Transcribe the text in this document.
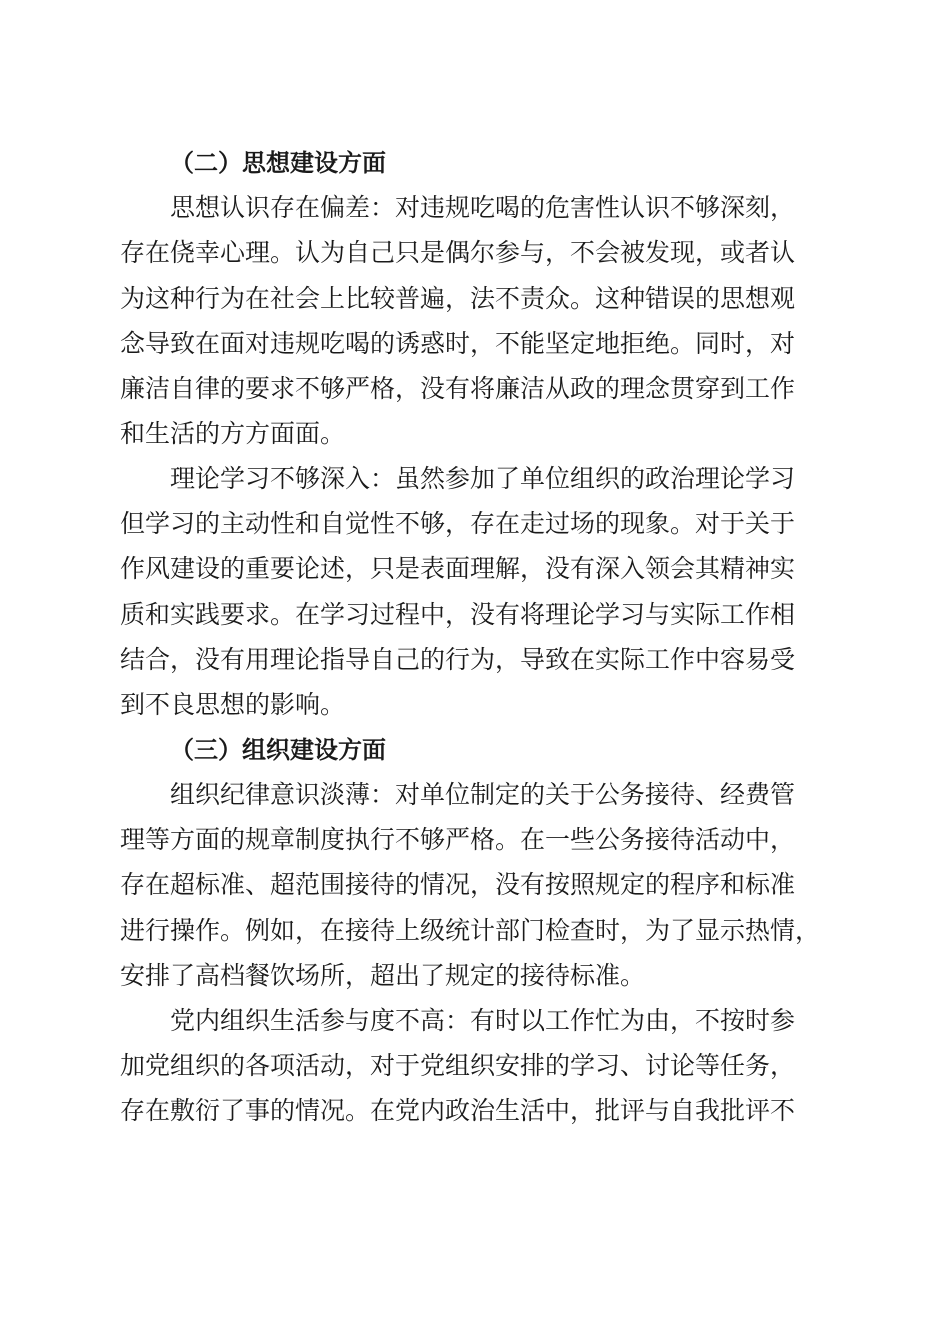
（二）思想建设方面

思想认识存在偏差：对违规吃喝的危害性认识不够深刻，

存在侥幸心理。认为自己只是偶尔参与，不会被发现，或者认

为这种行为在社会上比较普遍，法不责众。这种错误的思想观

念导致在面对违规吃喝的诱惑时，不能坚定地拒绝。同时，对

廉洁自律的要求不够严格，没有将廉洁从政的理念贯穿到工作

和生活的方方面面。

理论学习不够深入：虽然参加了单位组织的政治理论学习

但学习的主动性和自觉性不够，存在走过场的现象。对于关于

作风建设的重要论述，只是表面理解，没有深入领会其精神实

质和实践要求。在学习过程中，没有将理论学习与实际工作相

结合，没有用理论指导自己的行为，导致在实际工作中容易受

到不良思想的影响。

（三）组织建设方面

组织纪律意识淡薄：对单位制定的关于公务接待、经费管

理等方面的规章制度执行不够严格。在一些公务接待活动中，

存在超标准、超范围接待的情况，没有按照规定的程序和标准

进行操作。例如，在接待上级统计部门检查时，为了显示热情，

安排了高档餐饮场所，超出了规定的接待标准。

党内组织生活参与度不高：有时以工作忙为由，不按时参

加党组织的各项活动，对于党组织安排的学习、讨论等任务，

存在敷衍了事的情况。在党内政治生活中，批评与自我批评不
